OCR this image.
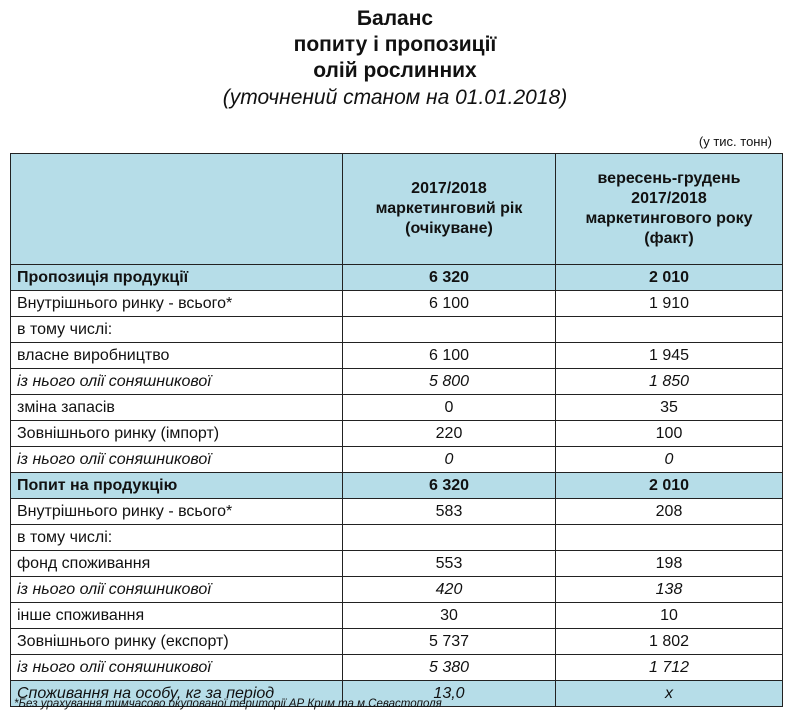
Баланс
попиту і пропозиції
олій рослинних
(уточнений станом на 01.01.2018)
(у тис. тонн)

	2017/2018
маркетинговий рік
(очікуване)	вересень-грудень
2017/2018
маркетингового року
(факт)

Пропозиція продукції	6 320	2 010
Внутрішнього ринку - всього*	6 100	1 910
в тому числі:		
власне виробництво	6 100	1 945
із нього олії соняшникової	5 800	1 850
зміна запасів	0	35
Зовнішнього ринку (імпорт)	220	100
із нього олії соняшникової	0	0
Попит на продукцію	6 320	2 010
Внутрішнього ринку - всього*	583	208
в тому числі:		
фонд споживання	553	198
із нього олії соняшникової	420	138
інше споживання	30	10
Зовнішнього ринку (експорт)	5 737	1 802
із нього олії соняшникової	5 380	1 712
Споживання на особу, кг за період	13,0	х
*Без урахування тимчасово окупованої території АР Крим та м.Севастополя
